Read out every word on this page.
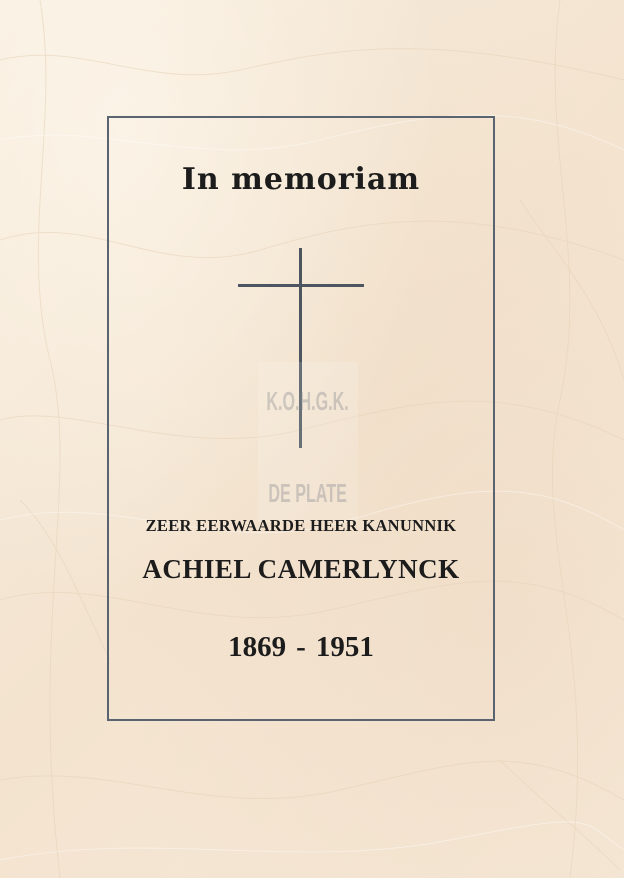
In memoriam
ZEER EERWAARDE HEER KANUNNIK
ACHIEL CAMERLYNCK
1869 - 1951
